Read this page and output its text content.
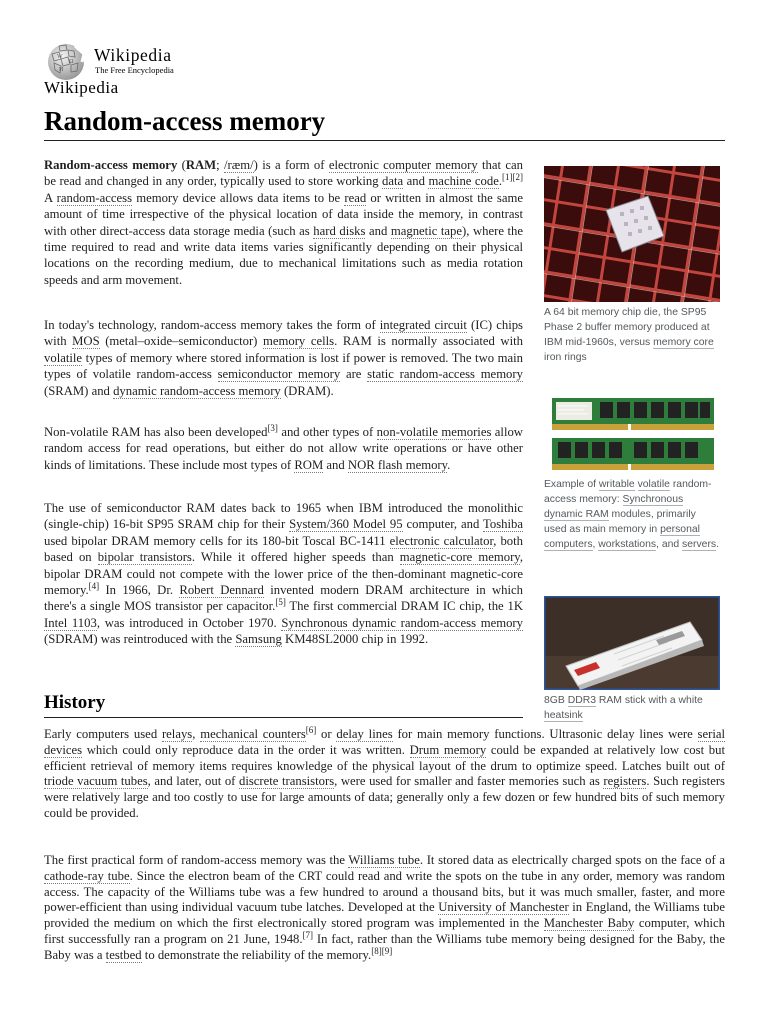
W
Ω
И
Wikipedia
The Free Encyclopedia
Wikipedia
Random-access memory

Random-access memory (RAM; /ræm/) is a form of electronic computer memory that can be read and changed in any order, typically used to store working data and machine code.[1][2] A random-access memory device allows data items to be read or written in almost the same amount of time irrespective of the physical location of data inside the memory, in contrast with other direct-access data storage media (such as hard disks and magnetic tape), where the time required to read and write data items varies significantly depending on their physical locations on the recording medium, due to mechanical limitations such as media rotation speeds and arm movement.

In today's technology, random-access memory takes the form of integrated circuit (IC) chips with MOS (metal–oxide–semiconductor) memory cells. RAM is normally associated with volatile types of memory where stored information is lost if power is removed. The two main types of volatile random-access semiconductor memory are static random-access memory (SRAM) and dynamic random-access memory (DRAM).

Non-volatile RAM has also been developed[3] and other types of non-volatile memories allow random access for read operations, but either do not allow write operations or have other kinds of limitations. These include most types of ROM and NOR flash memory.

The use of semiconductor RAM dates back to 1965 when IBM introduced the monolithic (single-chip) 16-bit SP95 SRAM chip for their System/360 Model 95 computer, and Toshiba used bipolar DRAM memory cells for its 180-bit Toscal BC-1411 electronic calculator, both based on bipolar transistors. While it offered higher speeds than magnetic-core memory, bipolar DRAM could not compete with the lower price of the then-dominant magnetic-core memory.[4] In 1966, Dr. Robert Dennard invented modern DRAM architecture in which there's a single MOS transistor per capacitor.[5] The first commercial DRAM IC chip, the 1K Intel 1103, was introduced in October 1970. Synchronous dynamic random-access memory (SDRAM) was reintroduced with the Samsung KM48SL2000 chip in 1992.

History

Early computers used relays, mechanical counters[6] or delay lines for main memory functions. Ultrasonic delay lines were serial devices which could only reproduce data in the order it was written. Drum memory could be expanded at relatively low cost but efficient retrieval of memory items requires knowledge of the physical layout of the drum to optimize speed. Latches built out of triode vacuum tubes, and later, out of discrete transistors, were used for smaller and faster memories such as registers. Such registers were relatively large and too costly to use for large amounts of data; generally only a few dozen or few hundred bits of such memory could be provided.

The first practical form of random-access memory was the Williams tube. It stored data as electrically charged spots on the face of a cathode-ray tube. Since the electron beam of the CRT could read and write the spots on the tube in any order, memory was random access. The capacity of the Williams tube was a few hundred to around a thousand bits, but it was much smaller, faster, and more power-efficient than using individual vacuum tube latches. Developed at the University of Manchester in England, the Williams tube provided the medium on which the first electronically stored program was implemented in the Manchester Baby computer, which first successfully ran a program on 21 June, 1948.[7] In fact, rather than the Williams tube memory being designed for the Baby, the Baby was a testbed to demonstrate the reliability of the memory.[8][9]

A 64 bit memory chip die, the SP95 Phase 2 buffer memory produced at IBM mid-1960s, versus memory core iron rings
Example of writable volatile random-access memory: Synchronous dynamic RAM modules, primarily used as main memory in personal computers, workstations, and servers.
8GB DDR3 RAM stick with a white heatsink
